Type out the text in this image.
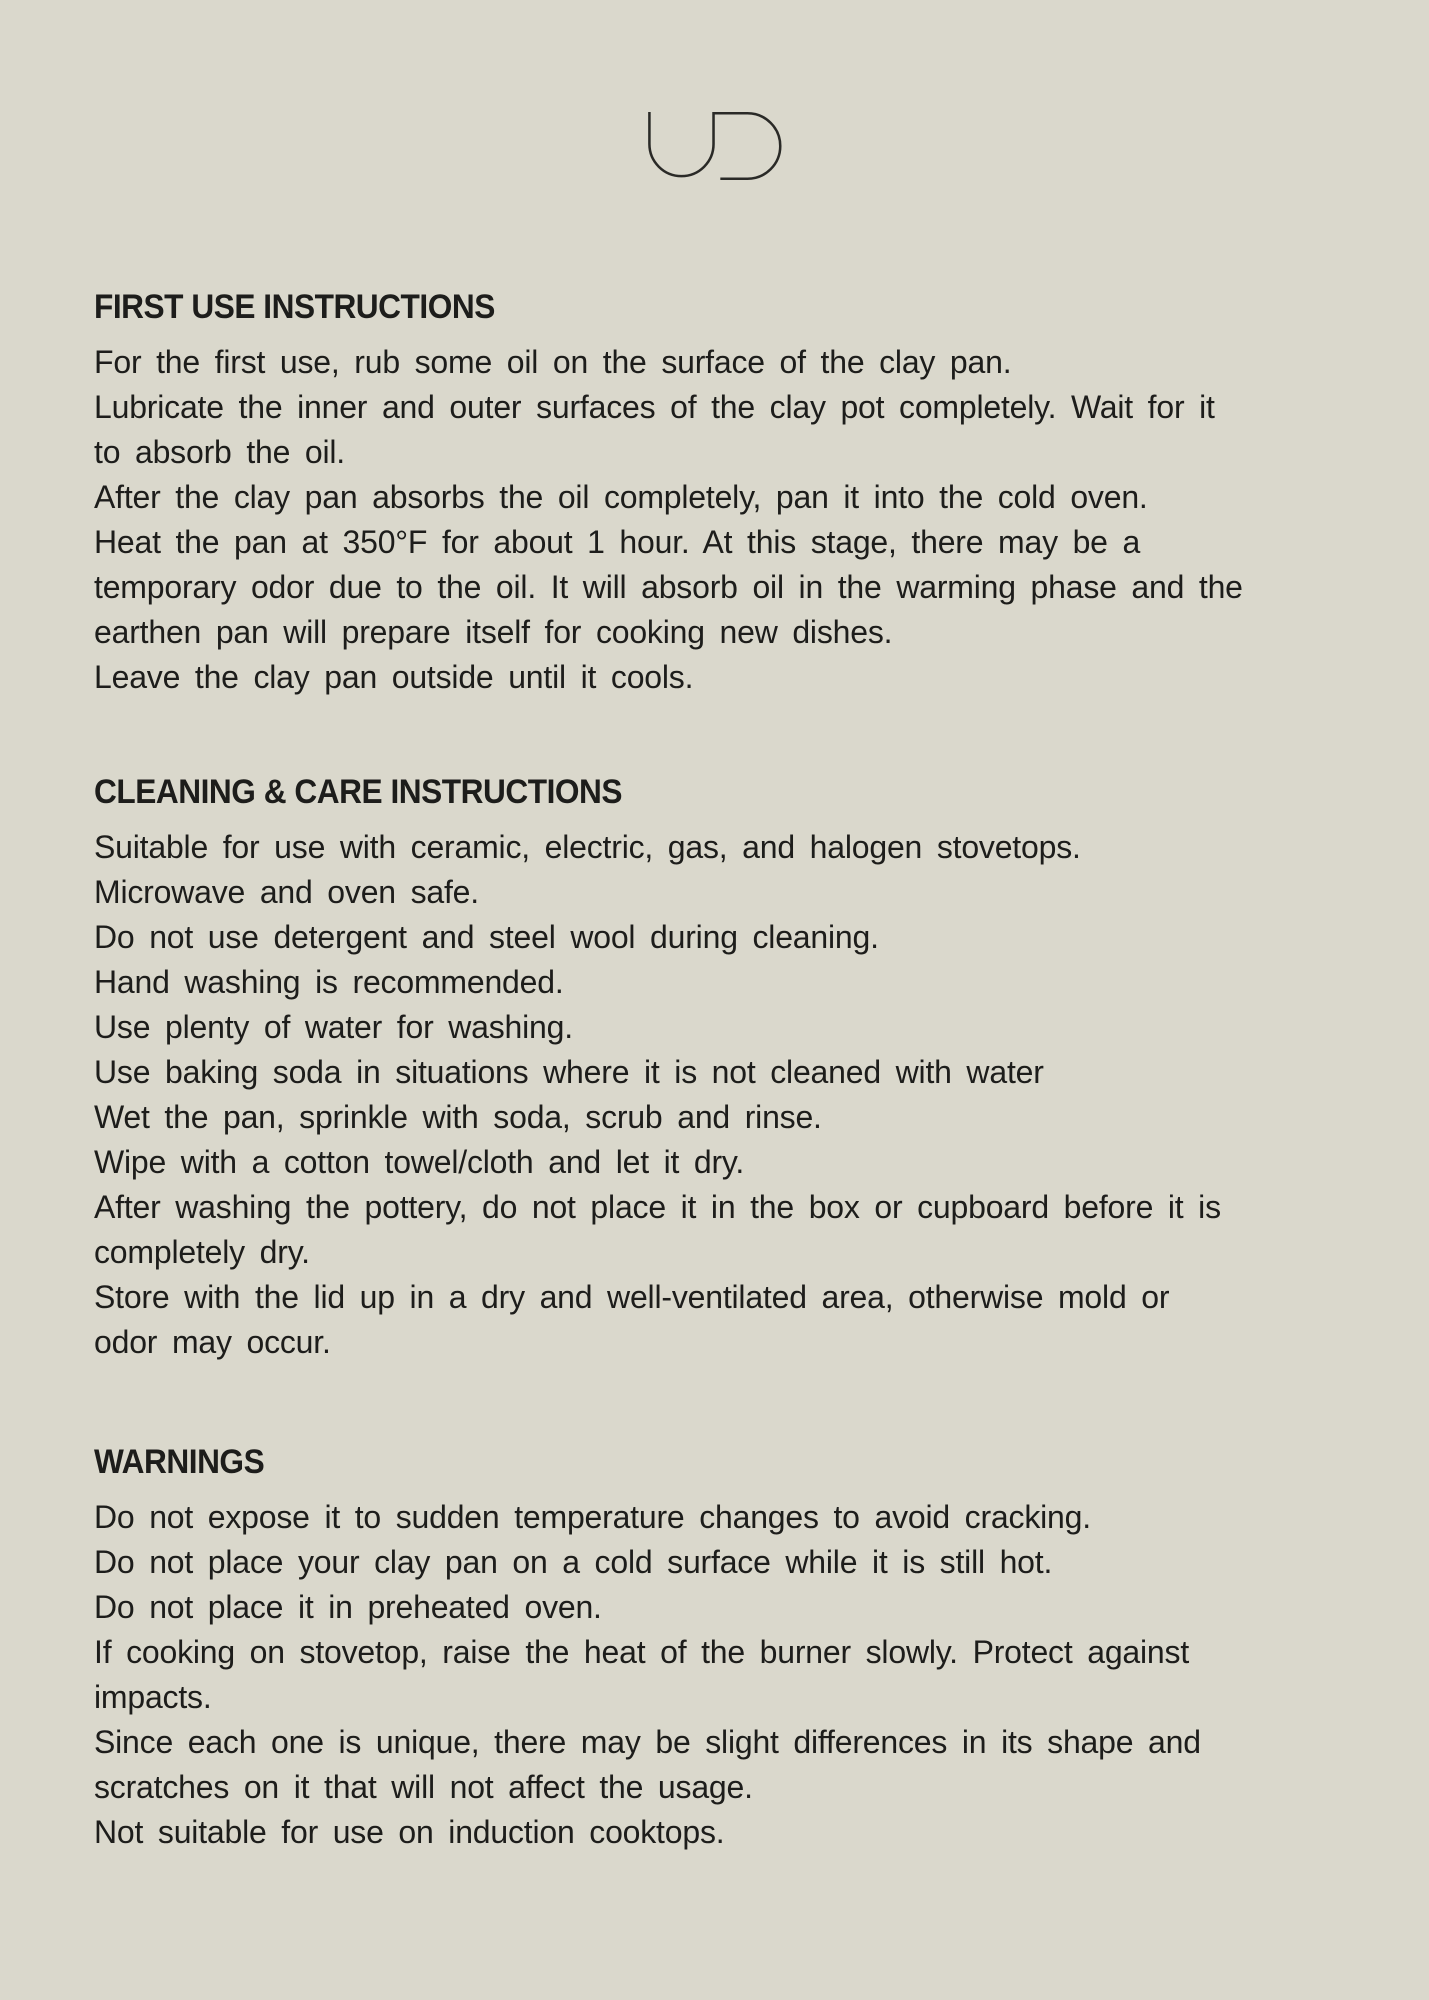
FIRST USE INSTRUCTIONS
For the first use, rub some oil on the surface of the clay pan.
Lubricate the inner and outer surfaces of the clay pot completely. Wait for it
to absorb the oil.
After the clay pan absorbs the oil completely, pan it into the cold oven.
Heat the pan at 350°F for about 1 hour. At this stage, there may be a
temporary odor due to the oil. It will absorb oil in the warming phase and the
earthen pan will prepare itself for cooking new dishes.
Leave the clay pan outside until it cools.
CLEANING & CARE INSTRUCTIONS
Suitable for use with ceramic, electric, gas, and halogen stovetops.
Microwave and oven safe.
Do not use detergent and steel wool during cleaning.
Hand washing is recommended.
Use plenty of water for washing.
Use baking soda in situations where it is not cleaned with water
Wet the pan, sprinkle with soda, scrub and rinse.
Wipe with a cotton towel/cloth and let it dry.
After washing the pottery, do not place it in the box or cupboard before it is
completely dry.
Store with the lid up in a dry and well-ventilated area, otherwise mold or
odor may occur.
WARNINGS
Do not expose it to sudden temperature changes to avoid cracking.
Do not place your clay pan on a cold surface while it is still hot.
Do not place it in preheated oven.
If cooking on stovetop, raise the heat of the burner slowly. Protect against
impacts.
Since each one is unique, there may be slight differences in its shape and
scratches on it that will not affect the usage.
Not suitable for use on induction cooktops.
